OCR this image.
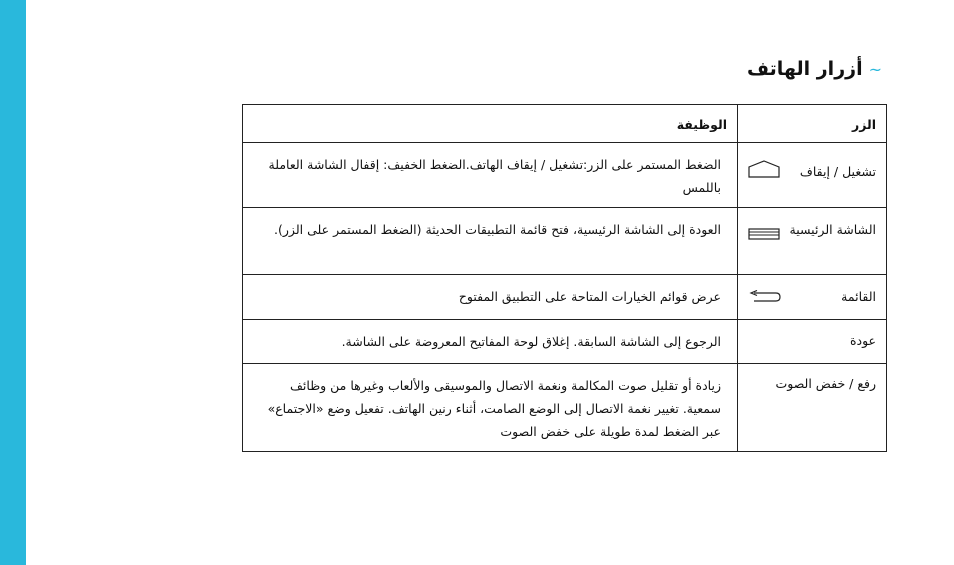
~
أزرار الهاتف
الزر	الوظيفة

تشغيل / إيقاف	الضغط المستمر على الزر:تشغيل / إيقاف الهاتف.الضغط الخفيف: إقفال الشاشة العاملة باللمس

الشاشة الرئيسية	العودة إلى الشاشة الرئيسية، فتح قائمة التطبيقات الحديثة (الضغط المستمر على الزر).

القائمة	عرض قوائم الخيارات المتاحة على التطبيق المفتوح

عودة	الرجوع إلى الشاشة السابقة. إغلاق لوحة المفاتيح المعروضة على الشاشة.

رفع / خفض الصوت	زيادة أو تقليل صوت المكالمة ونغمة الاتصال والموسيقى والألعاب وغيرها من وظائف سمعية. تغيير نغمة الاتصال إلى الوضع الصامت، أثناء رنين الهاتف. تفعيل وضع «الاجتماع» عبر الضغط لمدة طويلة على خفض الصوت
